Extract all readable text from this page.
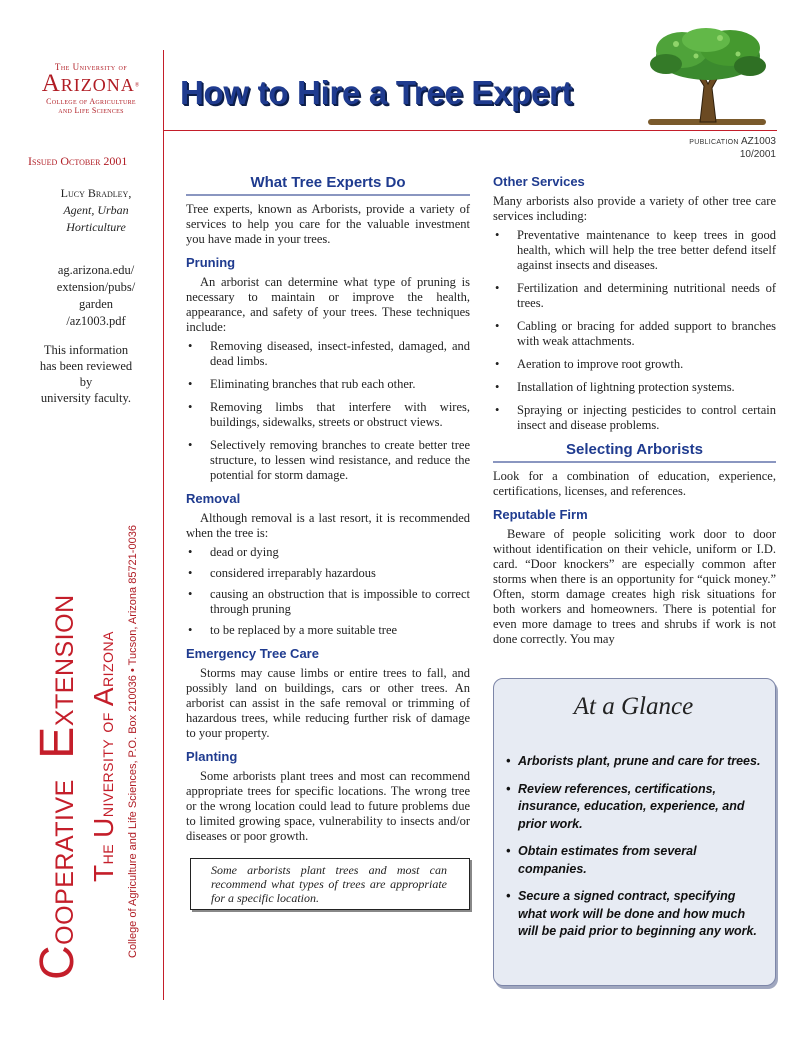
The University of
Arizona®
College of Agriculture
and Life Sciences	How to Hire a Tree Expert
PUBLICATION AZ1003
10/2001
Issued October 2001
Lucy Bradley,
Agent, Urban
Horticulture
ag.arizona.edu/
extension/pubs/
garden
/az1003.pdf
This information
has been reviewed
by
university faculty.
Cooperative  Extension
The University of Arizona College of Agriculture and Life Sciences, P.O. Box 210036 • Tucson, Arizona 85721-0036
What Tree Experts Do

Tree experts, known as Arborists, provide a variety of services to help you care for the valuable investment you have made in your trees.

Pruning

An arborist can determine what type of pruning is necessary to maintain or improve the health, appearance, and safety of your trees. These techniques include:

• Removing diseased, insect-infested, damaged, and dead limbs.
• Eliminating branches that rub each other.
• Removing limbs that interfere with wires, buildings, sidewalks, streets or obstruct views.
• Selectively removing branches to create better tree structure, to lessen wind resistance, and reduce the potential for storm damage.
Removal

Although removal is a last resort, it is recommended when the tree is:

• dead or dying
• considered irreparably hazardous
• causing an obstruction that is impossible to correct through pruning
• to be replaced by a more suitable tree
Emergency Tree Care

Storms may cause limbs or entire trees to fall, and possibly land on buildings, cars or other trees. An arborist can assist in the safe removal or trimming of hazardous trees, while reducing further risk of damage to your property.

Planting

Some arborists plant trees and most can recommend appropriate trees for specific locations. The wrong tree or the wrong location could lead to future problems due to limited growing space, vulnerability to insects and/or diseases or poor growth.

Some arborists plant trees and most can recommend what types of trees are appropriate for a specific location.
Other Services

Many arborists also provide a variety of other tree care services including:

• Preventative maintenance to keep trees in good health, which will help the tree better defend itself against insects and diseases.
• Fertilization and determining nutritional needs of trees.
• Cabling or bracing for added support to branches with weak attachments.
• Aeration to improve root growth.
• Installation of lightning protection systems.
• Spraying or injecting pesticides to control certain insect and disease problems.
Selecting Arborists

Look for a combination of education, experience, certifications, licenses, and references.

Reputable Firm

Beware of people soliciting work door to door without identification on their vehicle, uniform or I.D. card. “Door knockers” are especially common after storms when there is an opportunity for “quick money.” Often, storm damage creates high risk situations for both workers and homeowners. There is potential for even more damage to trees and shrubs if work is not done correctly. You may

At a Glance
• Arborists plant, prune and care for trees.
• Review references, certifications, insurance, education, experience, and prior work.
• Obtain estimates from several companies.
• Secure a signed contract, specifying what work will be done and how much will be paid prior to beginning any work.
